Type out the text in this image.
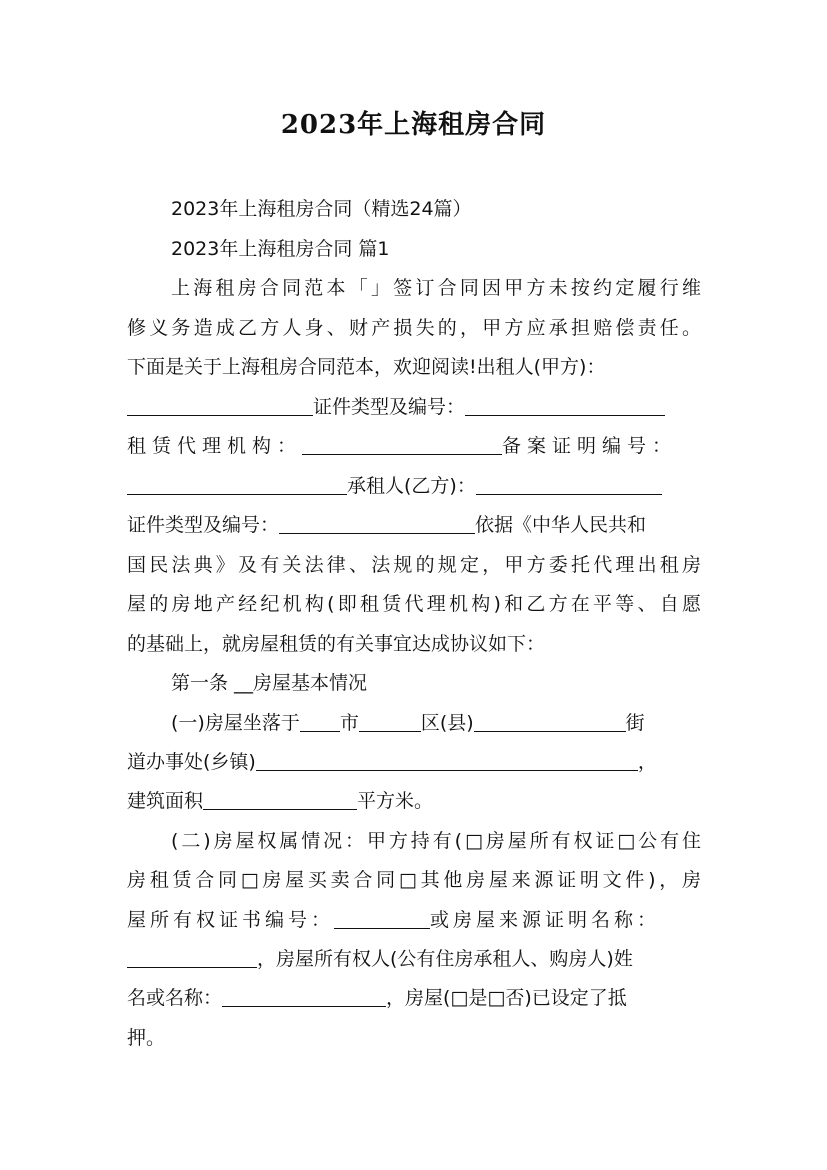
2023年上海租房合同
2023年上海租房合同（精选24篇）
2023年上海租房合同 篇1
上海租房合同范本「」签订合同因甲方未按约定履行维
修义务造成乙方人身、财产损失的，甲方应承担赔偿责任。
下面是关于上海租房合同范本，欢迎阅读!出租人(甲方)：
证件类型及编号：
租赁代理机构：	备案证明编号：
承租人(乙方)：
证件类型及编号：	依据《中华人民共和
国民法典》及有关法律、法规的规定，甲方委托代理出租房
屋的房地产经纪机构(即租赁代理机构)和乙方在平等、自愿
的基础上，就房屋租赁的有关事宜达成协议如下：
第一条 __房屋基本情况
(一)房屋坐落于 市	区(县)	街
道办事处(乡镇)	，
建筑面积	平方米。
(二)房屋权属情况：甲方持有(□房屋所有权证□公有住
房租赁合同□房屋买卖合同□其他房屋来源证明文件)，房
屋所有权证书编号：	或房屋来源证明名称：
，房屋所有权人(公有住房承租人、购房人)姓
名或名称：	，房屋(□是□否)已设定了抵
押。
